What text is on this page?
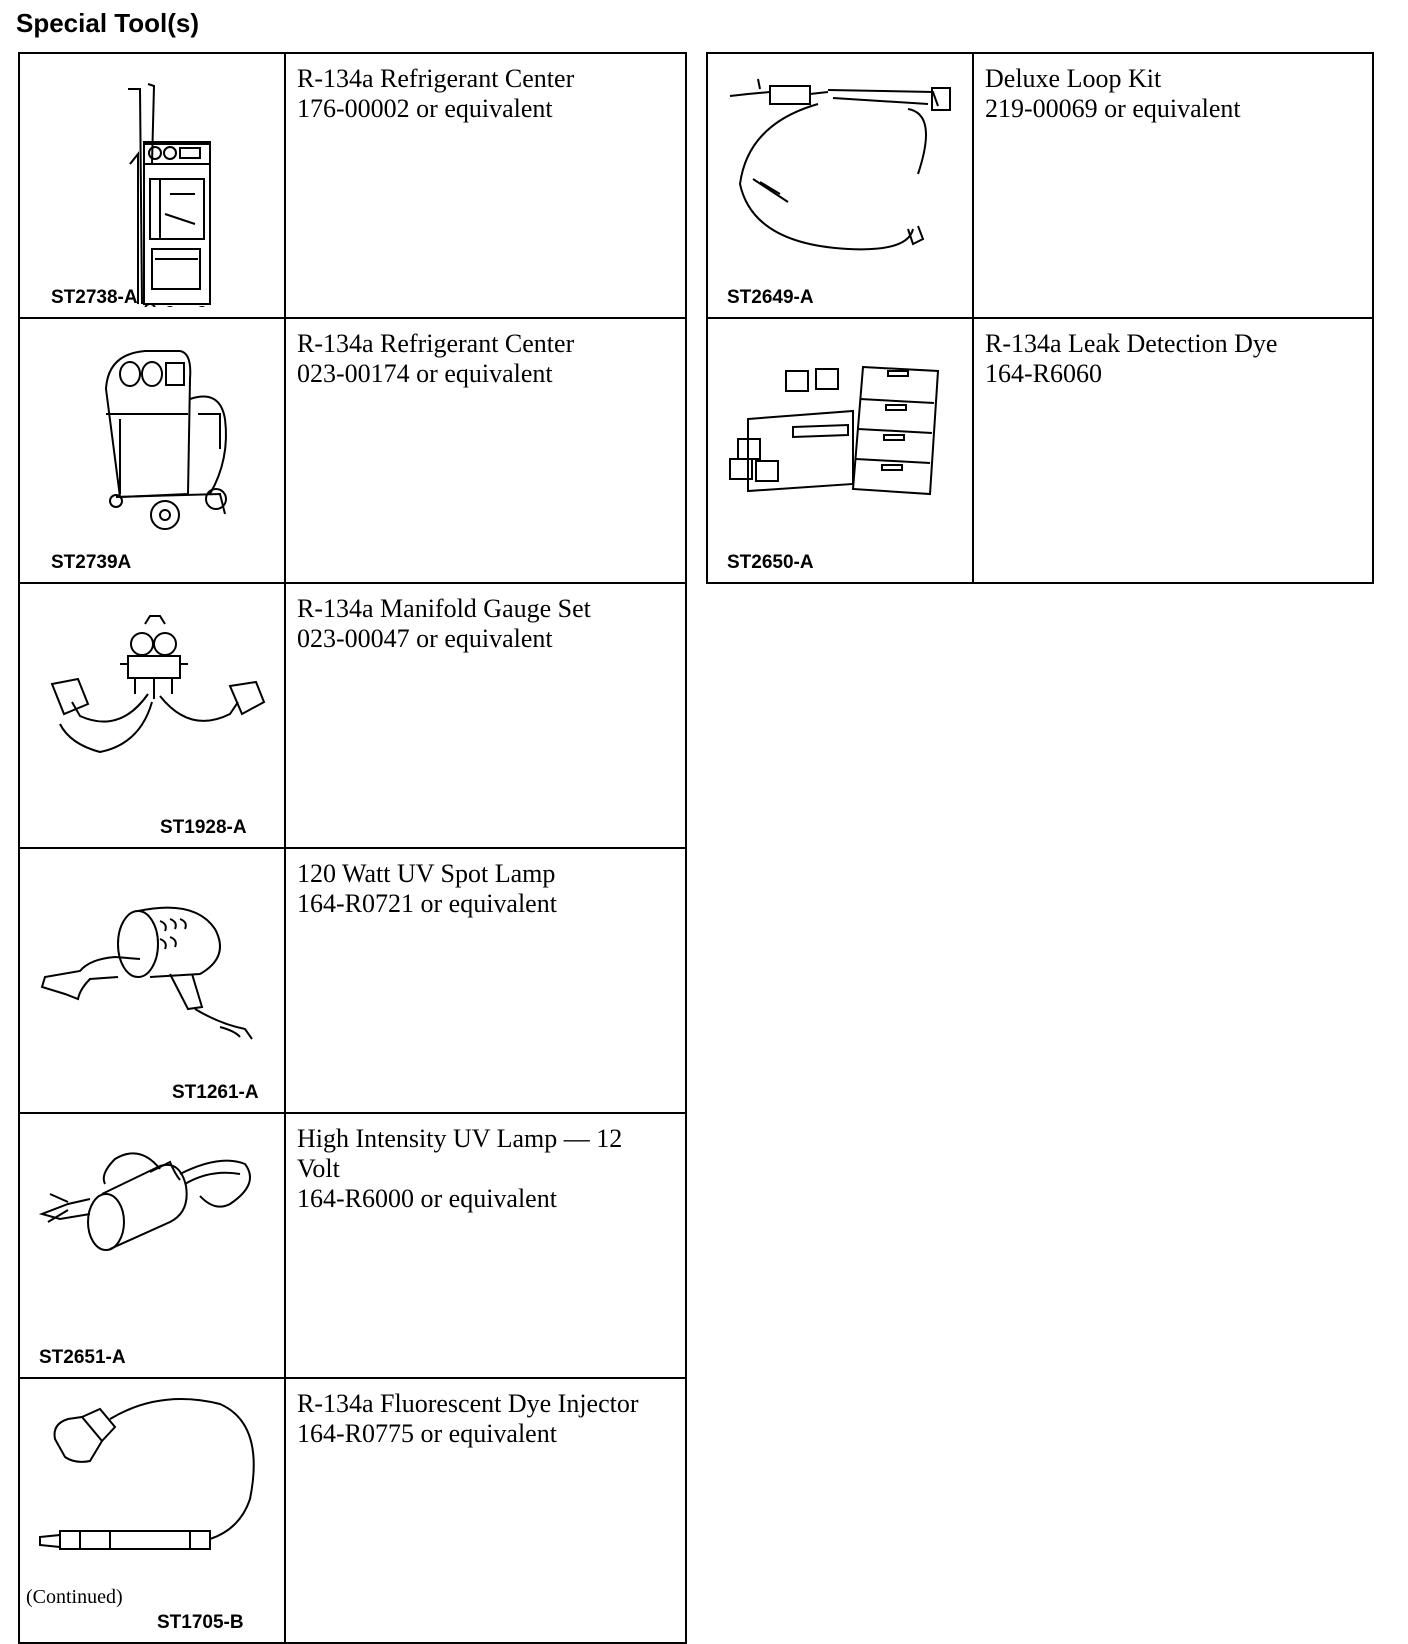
Special Tool(s)
ST2738-A	R-134a Refrigerant Center
176-00002 or equivalent

ST2739A	R-134a Refrigerant Center
023-00174 or equivalent

ST1928-A	R-134a Manifold Gauge Set
023-00047 or equivalent

ST1261-A	120 Watt UV Spot Lamp
164-R0721 or equivalent

ST2651-A	High Intensity UV Lamp — 12
Volt
164-R6000 or equivalent

ST1705-B	R-134a Fluorescent Dye Injector
164-R0775 or equivalent
ST2649-A	Deluxe Loop Kit
219-00069 or equivalent

ST2650-A	R-134a Leak Detection Dye
164-R6060
(Continued)
